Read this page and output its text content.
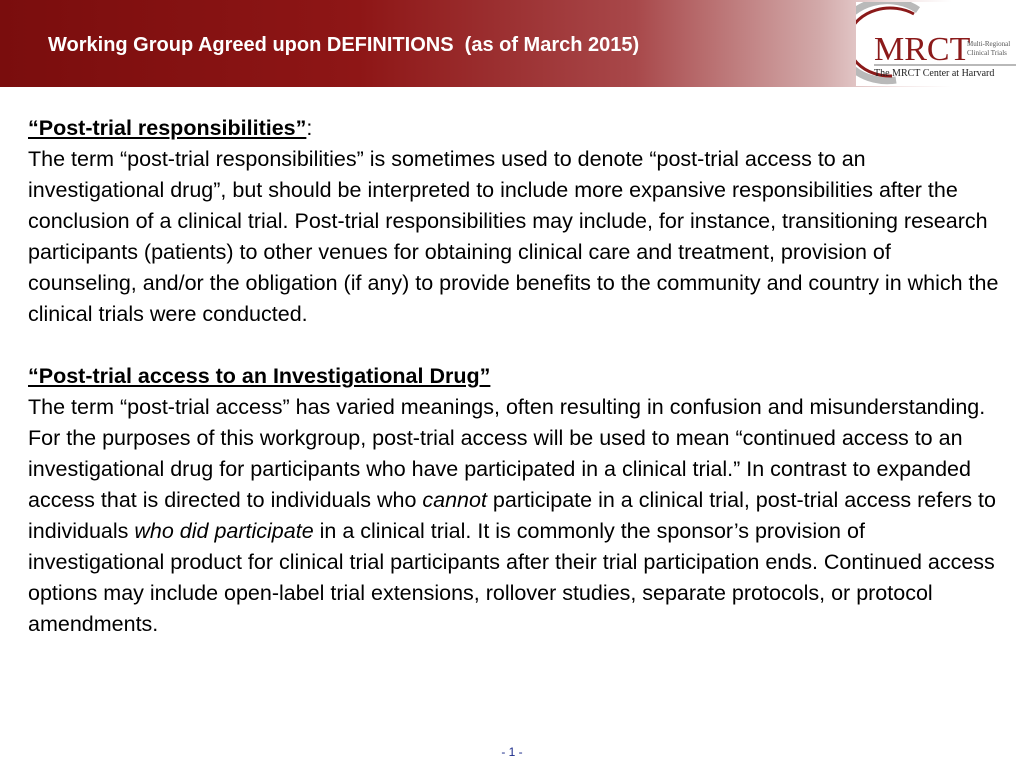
Working Group Agreed upon DEFINITIONS  (as of March 2015)	MRCT
Multi-Regional
Clinical Trials
The MRCT Center at Harvard
“Post-trial responsibilities”:

The term “post-trial responsibilities” is sometimes used to denote “post-trial access to an investigational drug”, but should be interpreted to include more expansive responsibilities after the conclusion of a clinical trial. Post-trial responsibilities may include, for instance, transitioning research participants (patients) to other venues for obtaining clinical care and treatment, provision of counseling, and/or the obligation (if any) to provide benefits to the community and country in which the clinical trials were conducted.

“Post-trial access to an Investigational Drug”

The term “post-trial access” has varied meanings, often resulting in confusion and misunderstanding. For the purposes of this workgroup, post-trial access will be used to mean “continued access to an investigational drug for participants who have participated in a clinical trial.” In contrast to expanded access that is directed to individuals who cannot participate in a clinical trial, post-trial access refers to individuals who did participate in a clinical trial. It is commonly the sponsor’s provision of investigational product for clinical trial participants after their trial participation ends. Continued access options may include open-label trial extensions, rollover studies, separate protocols, or protocol amendments.

- 1 -
